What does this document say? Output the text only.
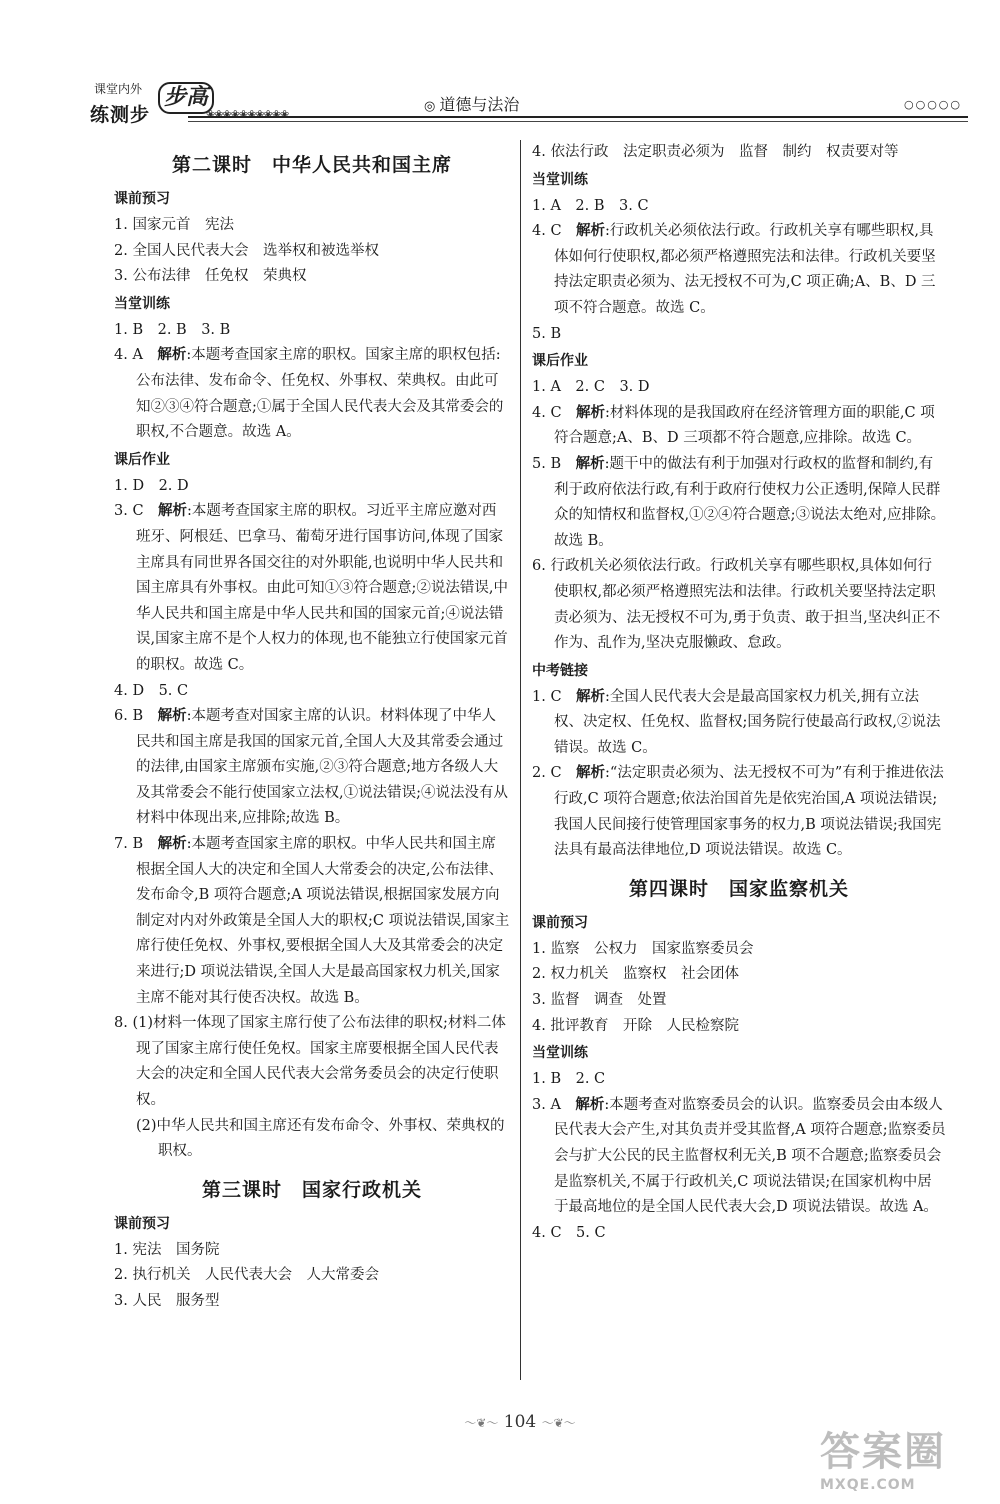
课堂内外
练测步
步高
❀❀❀❀❀❀❀❀❀❀
◎ 道德与法治	○○○○○
第二课时　中华人民共和国主席
课前预习
1. 国家元首　宪法
2. 全国人民代表大会　选举权和被选举权
3. 公布法律　任免权　荣典权
当堂训练
1. B　2. B　3. B
4. A　解析:本题考查国家主席的职权。国家主席的职权包括:公布法律、发布命令、任免权、外事权、荣典权。由此可知②③④符合题意;①属于全国人民代表大会及其常委会的职权,不合题意。故选 A。
课后作业
1. D　2. D
3. C　解析:本题考查国家主席的职权。习近平主席应邀对西班牙、阿根廷、巴拿马、葡萄牙进行国事访问,体现了国家主席具有同世界各国交往的对外职能,也说明中华人民共和国主席具有外事权。由此可知①③符合题意;②说法错误,中华人民共和国主席是中华人民共和国的国家元首;④说法错误,国家主席不是个人权力的体现,也不能独立行使国家元首的职权。故选 C。
4. D　5. C
6. B　解析:本题考查对国家主席的认识。材料体现了中华人民共和国主席是我国的国家元首,全国人大及其常委会通过的法律,由国家主席颁布实施,②③符合题意;地方各级人大及其常委会不能行使国家立法权,①说法错误;④说法没有从材料中体现出来,应排除;故选 B。
7. B　解析:本题考查国家主席的职权。中华人民共和国主席根据全国人大的决定和全国人大常委会的决定,公布法律、发布命令,B 项符合题意;A 项说法错误,根据国家发展方向制定对内对外政策是全国人大的职权;C 项说法错误,国家主席行使任免权、外事权,要根据全国人大及其常委会的决定来进行;D 项说法错误,全国人大是最高国家权力机关,国家主席不能对其行使否决权。故选 B。
8. (1)材料一体现了国家主席行使了公布法律的职权;材料二体现了国家主席行使任免权。国家主席要根据全国人民代表大会的决定和全国人民代表大会常务委员会的决定行使职权。
(2)中华人民共和国主席还有发布命令、外事权、荣典权的职权。
第三课时　国家行政机关
课前预习
1. 宪法　国务院
2. 执行机关　人民代表大会　人大常委会
3. 人民　服务型
4. 依法行政　法定职责必须为　监督　制约　权责要对等
当堂训练
1. A　2. B　3. C
4. C　解析:行政机关必须依法行政。行政机关享有哪些职权,具体如何行使职权,都必须严格遵照宪法和法律。行政机关要坚持法定职责必须为、法无授权不可为,C 项正确;A、B、D 三项不符合题意。故选 C。
5. B
课后作业
1. A　2. C　3. D
4. C　解析:材料体现的是我国政府在经济管理方面的职能,C 项符合题意;A、B、D 三项都不符合题意,应排除。故选 C。
5. B　解析:题干中的做法有利于加强对行政权的监督和制约,有利于政府依法行政,有利于政府行使权力公正透明,保障人民群众的知情权和监督权,①②④符合题意;③说法太绝对,应排除。故选 B。
6. 行政机关必须依法行政。行政机关享有哪些职权,具体如何行使职权,都必须严格遵照宪法和法律。行政机关要坚持法定职责必须为、法无授权不可为,勇于负责、敢于担当,坚决纠正不作为、乱作为,坚决克服懒政、怠政。
中考链接
1. C　解析:全国人民代表大会是最高国家权力机关,拥有立法权、决定权、任免权、监督权;国务院行使最高行政权,②说法错误。故选 C。
2. C　解析:“法定职责必须为、法无授权不可为”有利于推进依法行政,C 项符合题意;依法治国首先是依宪治国,A 项说法错误;我国人民间接行使管理国家事务的权力,B 项说法错误;我国宪法具有最高法律地位,D 项说法错误。故选 C。
第四课时　国家监察机关
课前预习
1. 监察　公权力　国家监察委员会
2. 权力机关　监察权　社会团体
3. 监督　调查　处置
4. 批评教育　开除　人民检察院
当堂训练
1. B　2. C
3. A　解析:本题考查对监察委员会的认识。监察委员会由本级人民代表大会产生,对其负责并受其监督,A 项符合题意;监察委员会与扩大公民的民主监督权利无关,B 项不合题意;监察委员会是监察机关,不属于行政机关,C 项说法错误;在国家机构中居于最高地位的是全国人民代表大会,D 项说法错误。故选 A。
4. C　5. C
～❦～ 104 ～❦～
答案圈
MXQE.COM
